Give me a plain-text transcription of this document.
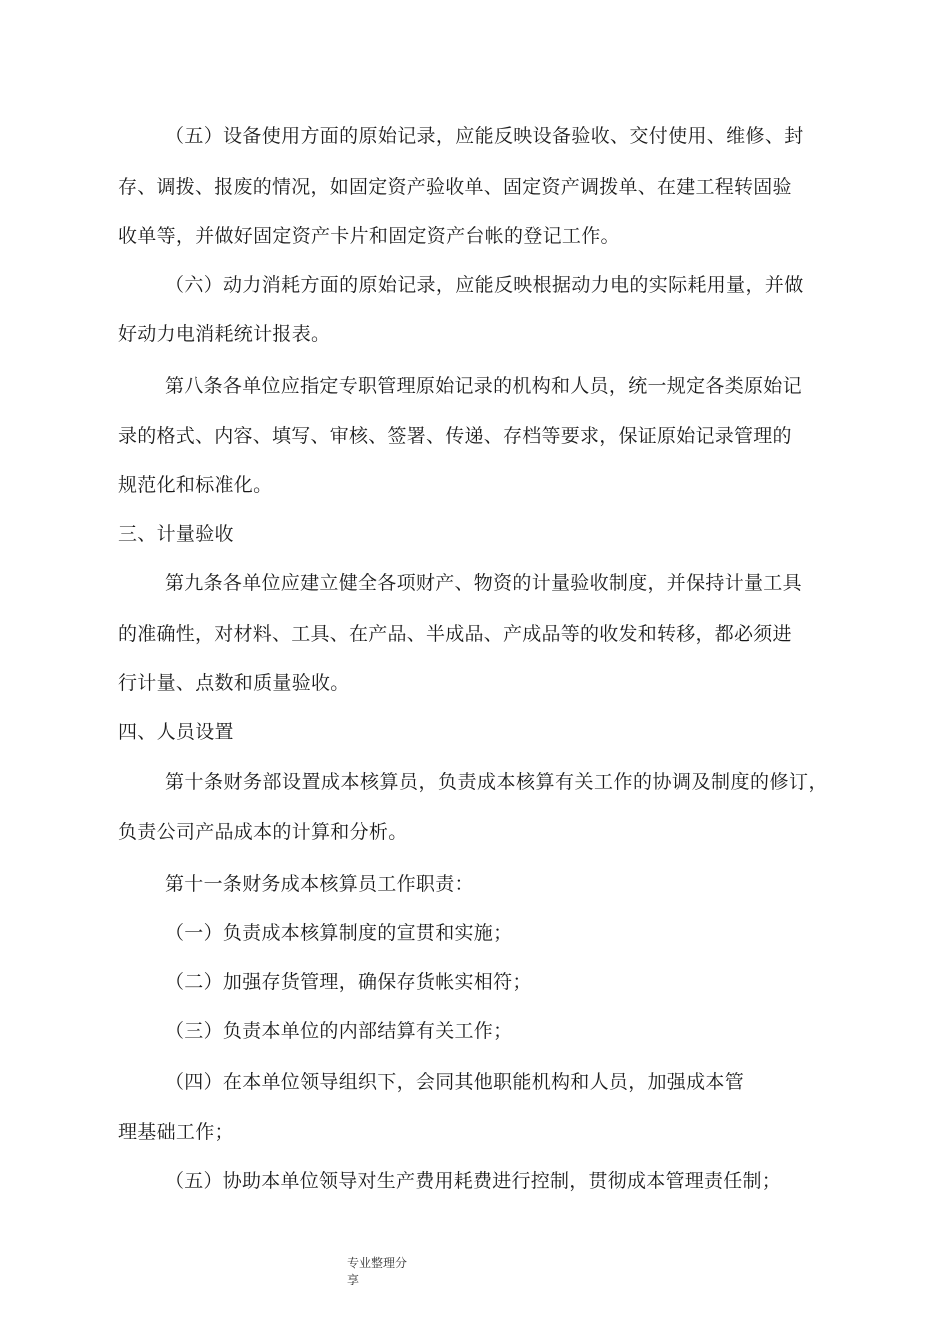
（五）设备使用方面的原始记录，应能反映设备验收、交付使用、维修、封
存、调拨、报废的情况，如固定资产验收单、固定资产调拨单、在建工程转固验
收单等，并做好固定资产卡片和固定资产台帐的登记工作。
（六）动力消耗方面的原始记录，应能反映根据动力电的实际耗用量，并做
好动力电消耗统计报表。
第八条各单位应指定专职管理原始记录的机构和人员，统一规定各类原始记
录的格式、内容、填写、审核、签署、传递、存档等要求，保证原始记录管理的
规范化和标准化。
三、计量验收
第九条各单位应建立健全各项财产、物资的计量验收制度，并保持计量工具
的准确性，对材料、工具、在产品、半成品、产成品等的收发和转移，都必须进
行计量、点数和质量验收。
四、人员设置
第十条财务部设置成本核算员，负责成本核算有关工作的协调及制度的修订，
负责公司产品成本的计算和分析。
第十一条财务成本核算员工作职责：
（一）负责成本核算制度的宣贯和实施；
（二）加强存货管理，确保存货帐实相符；
（三）负责本单位的内部结算有关工作；
（四）在本单位领导组织下，会同其他职能机构和人员，加强成本管
理基础工作；
（五）协助本单位领导对生产费用耗费进行控制，贯彻成本管理责任制；
专业整理分
享
